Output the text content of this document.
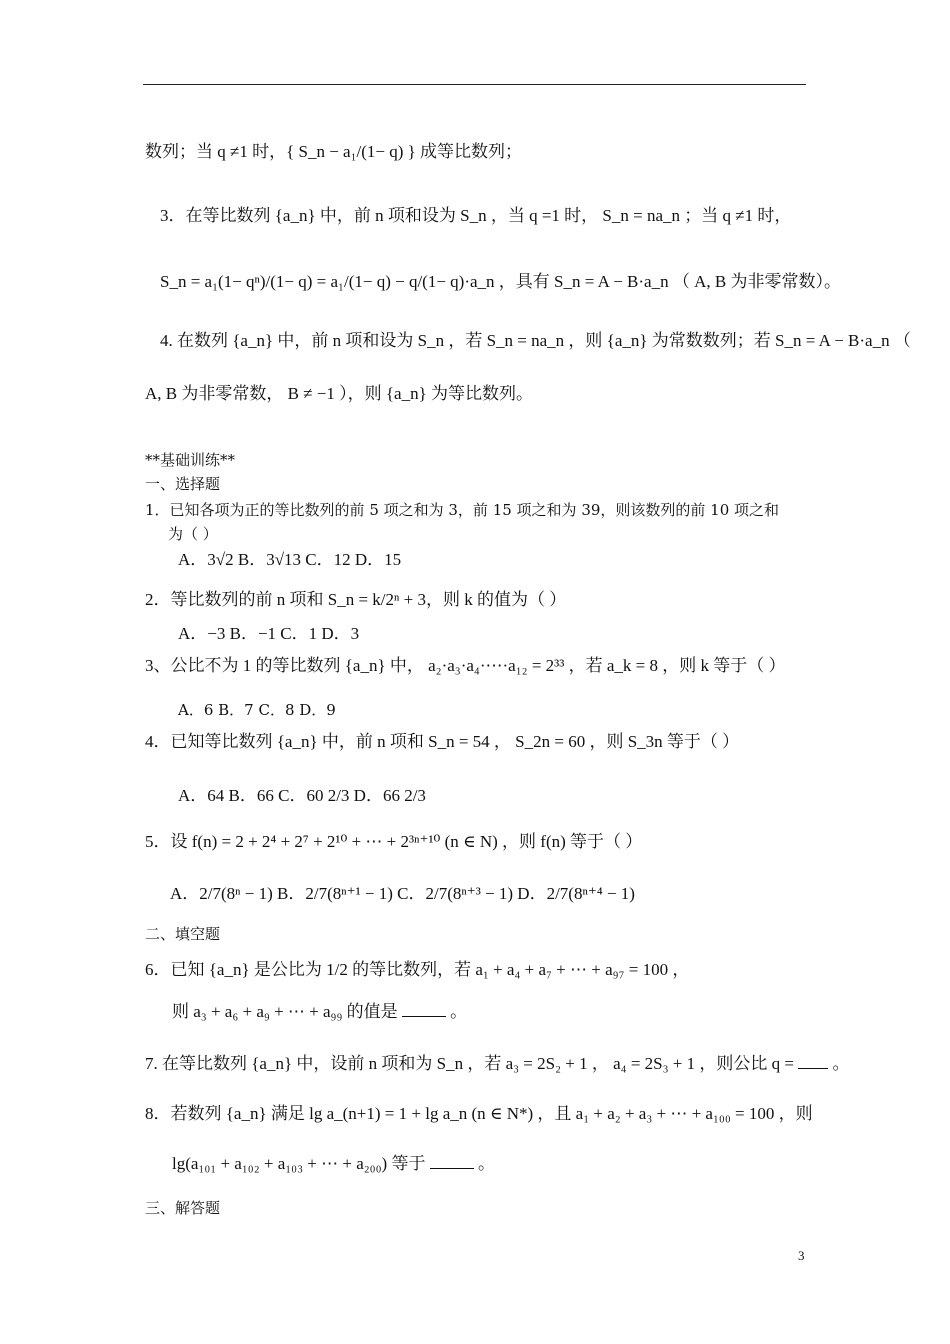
数列；当 q ≠1 时，{ S_n − a₁/(1− q) } 成等比数列；
3．在等比数列 {a_n} 中，前 n 项和设为 S_n ，当 q =1 时， S_n = na_n ；当 q ≠1 时，
S_n = a₁(1− qⁿ)/(1− q) = a₁/(1− q) − q/(1− q)·a_n ，具有 S_n = A − B·a_n （ A, B 为非零常数）。
4. 在数列 {a_n} 中，前 n 项和设为 S_n ，若 S_n = na_n ，则 {a_n} 为常数数列；若 S_n = A − B·a_n （
A, B 为非零常数， B ≠ −1 ），则 {a_n} 为等比数列。
**基础训练**
一、选择题
1．已知各项为正的等比数列的前 5 项之和为 3，前 15 项之和为 39，则该数列的前 10 项之和
为（ ）
A．3√2 B．3√13 C．12 D．15
2．等比数列的前 n 项和 S_n = k/2ⁿ + 3，则 k 的值为（ ）
A．−3 B．−1 C．1 D．3
3、公比不为 1 的等比数列 {a_n} 中， a₂·a₃·a₄·⋯·a₁₂ = 2³³ ，若 a_k = 8 ，则 k 等于（ ）
A．6 B．7 C．8 D．9
4．已知等比数列 {a_n} 中，前 n 项和 S_n = 54 ， S_2n = 60 ，则 S_3n 等于（ ）
A．64 B．66 C．60 2/3 D．66 2/3
5．设 f(n) = 2 + 2⁴ + 2⁷ + 2¹⁰ + ⋯ + 2³ⁿ⁺¹⁰ (n ∈ N) ，则 f(n) 等于（ ）
A．2/7(8ⁿ − 1) B．2/7(8ⁿ⁺¹ − 1) C．2/7(8ⁿ⁺³ − 1) D．2/7(8ⁿ⁺⁴ − 1)
二、填空题
6．已知 {a_n} 是公比为 1/2 的等比数列，若 a₁ + a₄ + a₇ + ⋯ + a₉₇ = 100 ，
则 a₃ + a₆ + a₉ + ⋯ + a₉₉ 的值是	。
7. 在等比数列 {a_n} 中，设前 n 项和为 S_n ，若 a₃ = 2S₂ + 1 ， a₄ = 2S₃ + 1 ，则公比 q = 。
8．若数列 {a_n} 满足 lg a_(n+1) = 1 + lg a_n (n ∈ N*) ，且 a₁ + a₂ + a₃ + ⋯ + a₁₀₀ = 100 ，则
lg(a₁₀₁ + a₁₀₂ + a₁₀₃ + ⋯ + a₂₀₀) 等于	。
三、解答题
3
